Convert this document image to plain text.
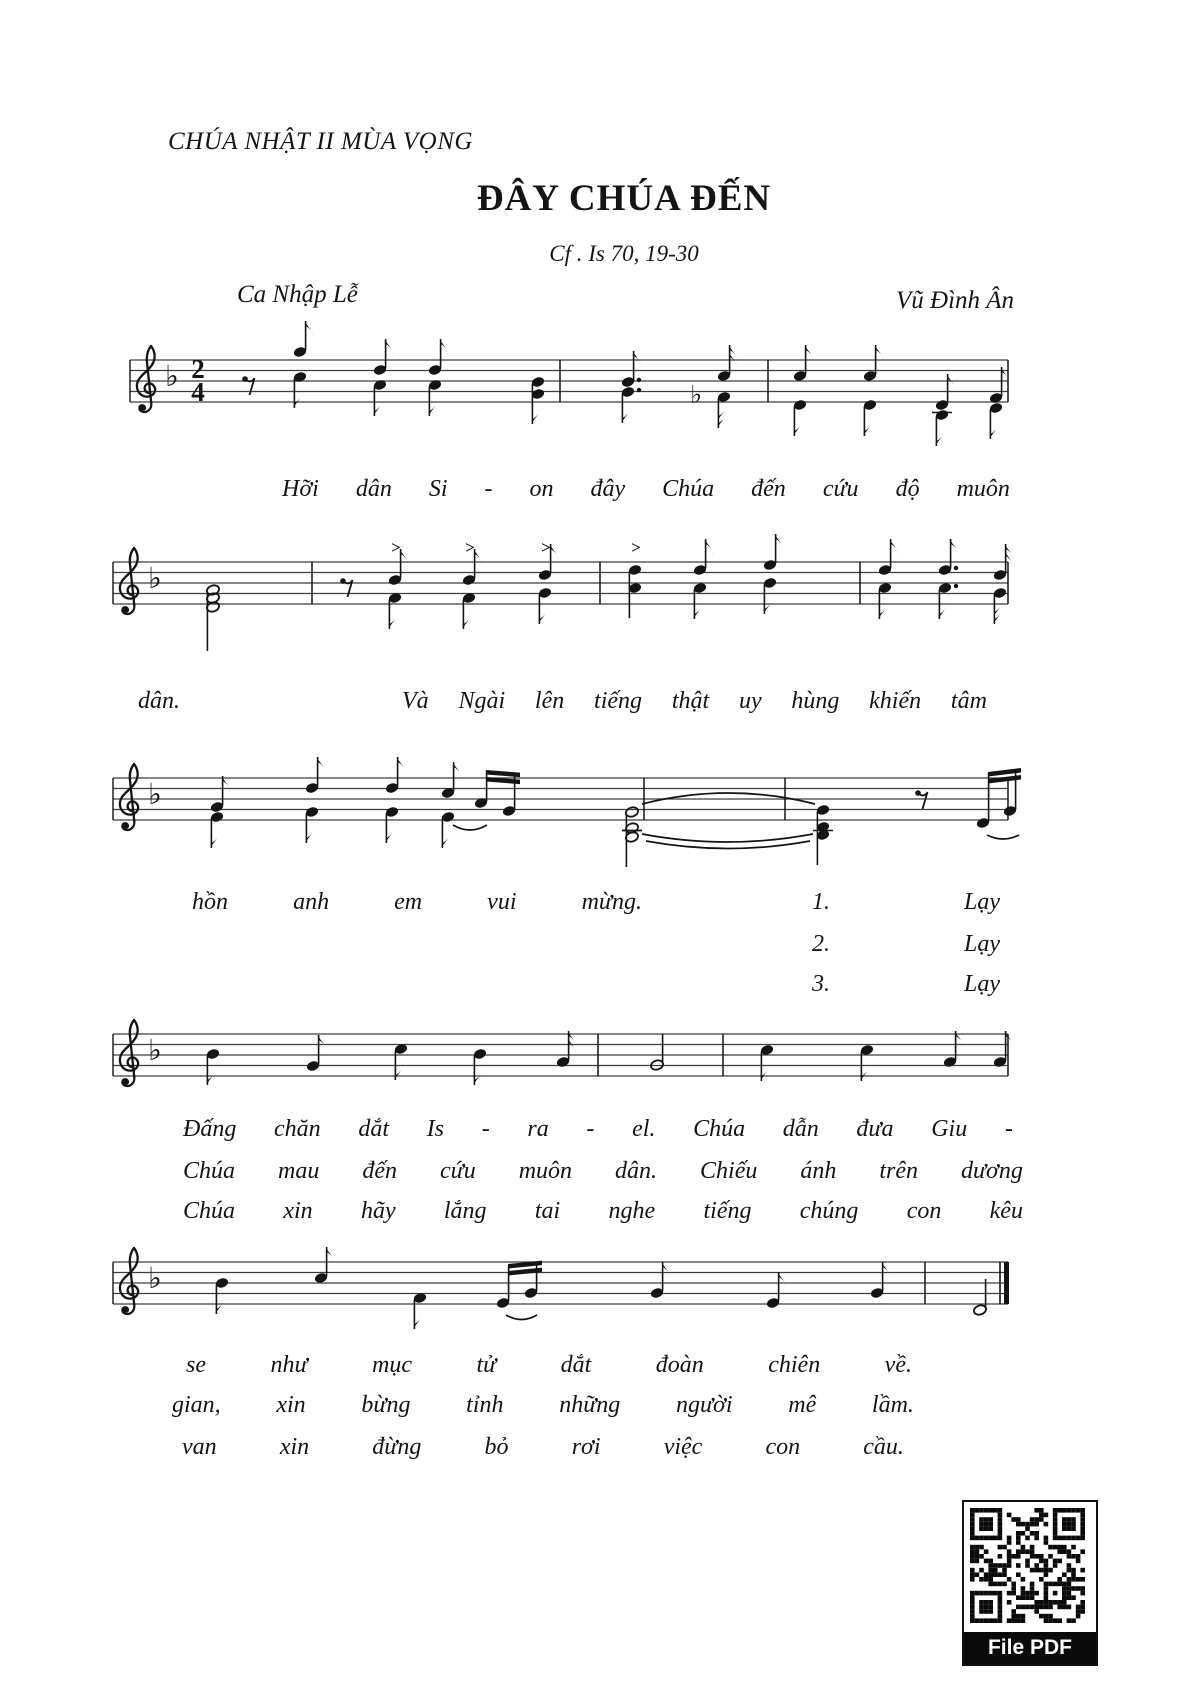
CHÚA NHẬT II MÙA VỌNG
ĐÂY CHÚA ĐẾN
Cf . Is 70, 19-30
Ca Nhập Lễ	Vũ Đình Ân
♭ 2
4	♭
♭
>	>	>	>
♭
♭
♭
Hỡi dân Si - on đây Chúa đến cứu độ muôn
dân.	Và Ngài lên tiếng thật uy hùng khiến tâm
hồn	anh	em	vui	mừng.	1.	Lạy
2.	Lạy
3.	Lạy
Đấng chăn dắt Is - ra - el. Chúa dẫn đưa Giu -
Chúa mau đến cứu muôn dân. Chiếu ánh trên dương
Chúa xin hãy lắng tai nghe tiếng chúng con kêu
se	như	mục	tử	dắt	đoàn	chiên	về.
gian, xin bừng tỉnh những người mê lầm.
van	xin	đừng	bỏ	rơi	việc	con	cầu.
File PDF
